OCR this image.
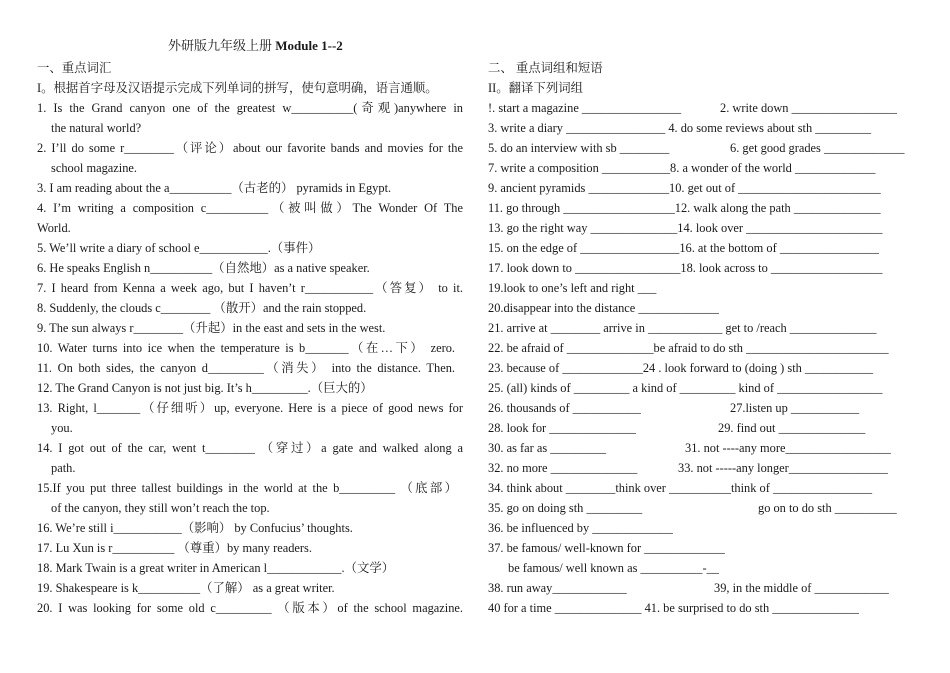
外研版九年级上册 Module 1--2
一、重点词汇
I。根据首字母及汉语提示完成下列单词的拼写，使句意明确，语言通顺。
1. Is the Grand canyon one of the greatest w__________(奇观)anywhere in
the natural world?
2. I’ll do some r________（评论）about our favorite bands and movies for the
school magazine.
3. I am reading about the a__________（古老的） pyramids in Egypt.
4. I’m writing a composition c__________（被叫做）The Wonder Of The
World.
5. We’ll write a diary of school e___________.（事件）
6. He speaks English n__________（自然地）as a native speaker.
7. I heard from Kenna a week ago, but I haven’t r___________（答复） to it.
8. Suddenly, the clouds c________ （散开）and the rain stopped.
9. The sun always r________（升起）in the east and sets in the west.
10. Water turns into ice when the temperature is b_______（在…下） zero.
11. On both sides, the canyon d_________（消失） into the distance. Then.
12. The Grand Canyon is not just big. It’s h_________.（巨大的）
13. Right, l_______（仔细听）up, everyone. Here is a piece of good news for
you.
14. I got out of the car, went t________ （穿过）a gate and walked along a
path.
15.If you put three tallest buildings in the world at the b_________ （底部）
of the canyon, they still won’t reach the top.
16. We’re still i___________（影响） by Confucius’ thoughts.
17. Lu Xun is r__________ （尊重）by many readers.
18. Mark Twain is a great writer in American l____________.（文学）
19. Shakespeare is k__________（了解） as a great writer.
20. I was looking for some old c_________ （版本）of the school magazine.
二、 重点词组和短语
II。翻译下列词组
!. start a magazine ________________	2. write down _________________
3. write a diary ________________ 4. do some reviews about sth _________
5. do an interview with sb ________	6. get good grades _____________
7. write a composition ___________8. a wonder of the world _____________
9. ancient pyramids _____________10. get out of _______________________
11. go through __________________12. walk along the path ______________
13. go the right way ______________14. look over ______________________
15. on the edge of ________________16. at the bottom of ________________
17. look down to _________________18. look across to __________________
19.look to one’s left and right ___
20.disappear into the distance _____________
21. arrive at ________ arrive in ____________ get to /reach ______________
22. be afraid of ______________be afraid to do sth _______________________
23. because of _____________24 . look forward to (doing ) sth ___________
25. (all) kinds of _________ a kind of _________ kind of _________________
26. thousands of ___________	27.listen up ___________
28. look for ______________	29. find out ______________
30. as far as _________	31. not ----any more_________________
32. no more ______________	33. not -----any longer________________
34. think about ________think over __________think of ________________
35. go on doing sth _________	go on to do sth __________
36. be influenced by _____________
37. be famous/ well-known for _____________
be famous/ well known as __________-__
38. run away____________	39, in the middle of ____________
40 for a time ______________ 41. be surprised to do sth ______________
